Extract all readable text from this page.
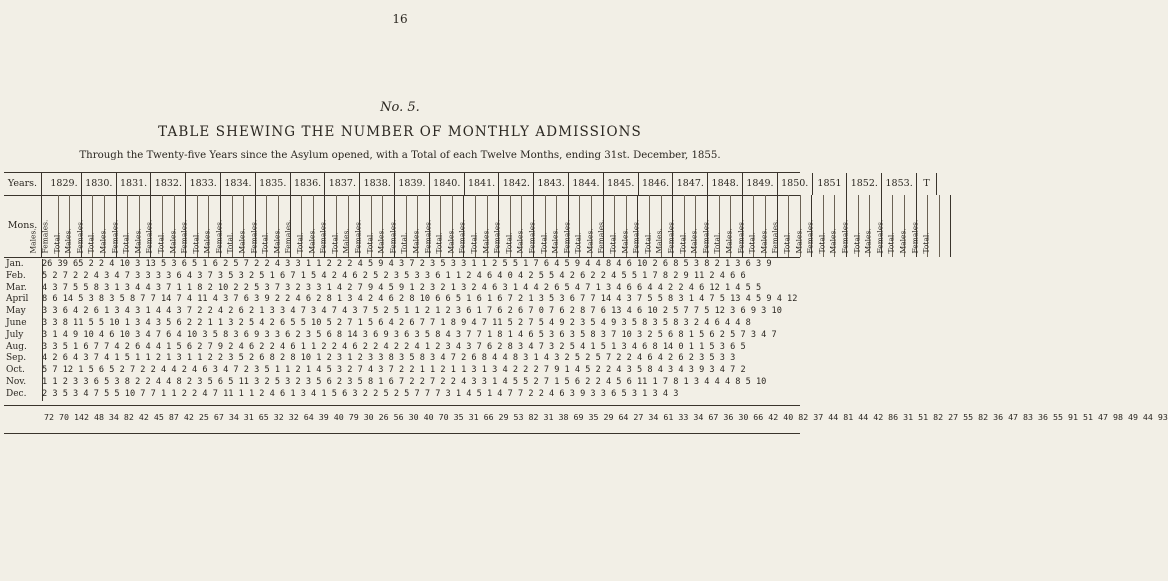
16
No. 5.
TABLE SHEWING THE NUMBER OF MONTHLY ADMISSIONS
Through the Twenty-five Years since the Asylum opened, with a Total of each Twelve Months, ending 31st. December, 1855.
Years. 1829. 1830. 1831. 1832. 1833. 1834. 1835. 1836. 1837. 1838. 1839. 1840. 1841. 1842. 1843. 1844. 1845. 1846. 1847. 1848. 1849. 1850. 1851 1852. 1853. T
Mons.
Males. Females. Total. Males. Females. Total. Males. Females. Total. Males. Females. Total. Males. Females. Total. Males. Females. Total. Males. Females. Total. Males. Females. Total. Males. Females. Total. Males. Females. Total. Males. Females. Total. Males. Females. Total. Males. Females. Total. Males. Females. Total. Males. Females. Total. Males. Females. Total. Males. Females. Total. Males. Females. Total. Males. Females. Total. Males. Females. Total. Males. Females. Total. Males. Females. Total. Males. Females. Total. Males. Females. Total. Males. Females. Total. Males. Females. Total.
Jan.
Feb.
Mar.
April
May
June
July
Aug.
Sep.
Oct.
Nov.
Dec.
26 39 65 2 2 4 10 3 13 5 3 6 5 1 6 2 5 7 2 2 4 3 3 1 1 2 2 2 4 5 9 4 3 7 2 3 5 3 3 1 1 2 5 5 1 7 6 4 5 9 4 4 8 4 6 10 2 6 8 5 3 8 2 1 3 6 3 9
5 2 7 2 2 4 3 4 7 3 3 3 3 6 4 3 7 3 5 3 2 5 1 6 7 1 5 4 2 4 6 2 5 2 3 5 3 3 6 1 1 2 4 6 4 0 4 2 5 5 4 2 6 2 2 4 5 5 1 7 8 2 9 11 2 4 6 6
4 3 7 5 5 8 3 1 3 4 4 3 7 1 1 8 2 10 2 2 5 3 7 3 2 3 3 1 4 2 7 9 4 5 9 1 2 3 2 1 3 2 4 6 3 1 4 4 2 6 5 4 7 1 3 4 6 6 4 4 2 2 4 6 12 1 4 5 5
8 6 14 5 3 8 3 5 8 7 7 14 7 4 11 4 3 7 6 3 9 2 2 4 6 2 8 1 3 4 2 4 6 2 8 10 6 6 5 1 6 1 6 7 2 1 3 5 3 6 7 7 14 4 3 7 5 5 8 3 1 4 7 5 13 4 5 9 4 12
3 3 6 4 2 6 1 3 4 3 1 4 4 3 7 2 2 4 2 6 2 1 3 3 4 7 3 4 7 4 3 7 5 2 5 1 1 2 1 2 3 6 1 7 6 2 6 7 0 7 6 2 8 7 6 13 4 6 10 2 5 7 7 5 12 3 6 9 3 10
3 3 8 11 5 5 10 1 3 4 3 5 6 2 2 1 1 3 2 5 4 2 6 5 5 10 5 2 7 1 5 6 4 2 6 7 7 1 8 9 4 7 11 5 2 7 5 4 9 2 3 5 4 9 3 5 8 3 5 8 3 2 4 6 4 4 8
3 1 4 9 10 4 6 10 3 4 7 6 4 10 3 5 8 3 6 9 3 3 6 2 3 5 6 8 14 3 6 9 3 6 3 5 8 4 3 7 7 1 8 1 4 6 5 3 6 3 5 8 3 7 10 3 2 5 6 8 1 5 6 2 5 7 3 4 7
3 3 5 1 6 7 7 4 2 6 4 4 1 5 6 2 7 9 2 4 6 2 2 4 6 1 1 2 2 4 6 2 2 4 2 2 4 1 2 3 4 3 7 6 2 8 3 4 7 3 2 5 4 1 5 1 3 4 6 8 14 0 1 1 5 3 6 5
4 2 6 4 3 7 4 1 5 1 1 2 1 3 1 1 2 2 3 5 2 6 8 2 8 10 1 2 3 1 2 3 3 8 3 5 8 3 4 7 2 6 8 4 4 8 3 1 4 3 2 5 2 5 7 2 2 4 6 4 2 6 2 3 5 3 3
5 7 12 1 5 6 5 2 7 2 2 4 4 2 4 6 3 4 7 2 3 5 1 1 2 1 4 5 3 2 7 4 3 7 2 2 1 1 2 1 1 3 1 3 4 2 2 2 7 9 1 4 5 2 2 4 3 5 8 4 3 4 3 9 3 4 7 2
1 1 2 3 3 6 5 3 8 2 2 4 4 8 2 3 5 6 5 11 3 2 5 3 2 3 5 6 2 3 5 8 1 6 7 2 2 7 2 2 4 3 3 1 4 5 5 2 7 1 5 6 2 2 4 5 6 11 1 7 8 1 3 4 4 4 8 5 10
2 3 5 3 4 7 5 5 10 7 7 1 1 2 2 4 7 11 1 1 2 4 6 1 3 4 1 5 6 3 2 2 5 2 5 7 7 7 3 1 4 5 1 4 7 7 2 2 4 6 3 9 3 3 6 5 3 1 3 4 3
72 70 142 48 34 82 42 45 87 42 25 67 34 31 65 32 32 64 39 40 79 30 26 56 30 40 70 35 31 66 29 53 82 31 38 69 35 29 64 27 34 61 33 34 67 36 30 66 42 40 82 37 44 81 44 42 86 31 51 82 27 55 82 36 47 83 36 55 91 51 47 98 49 44 93
